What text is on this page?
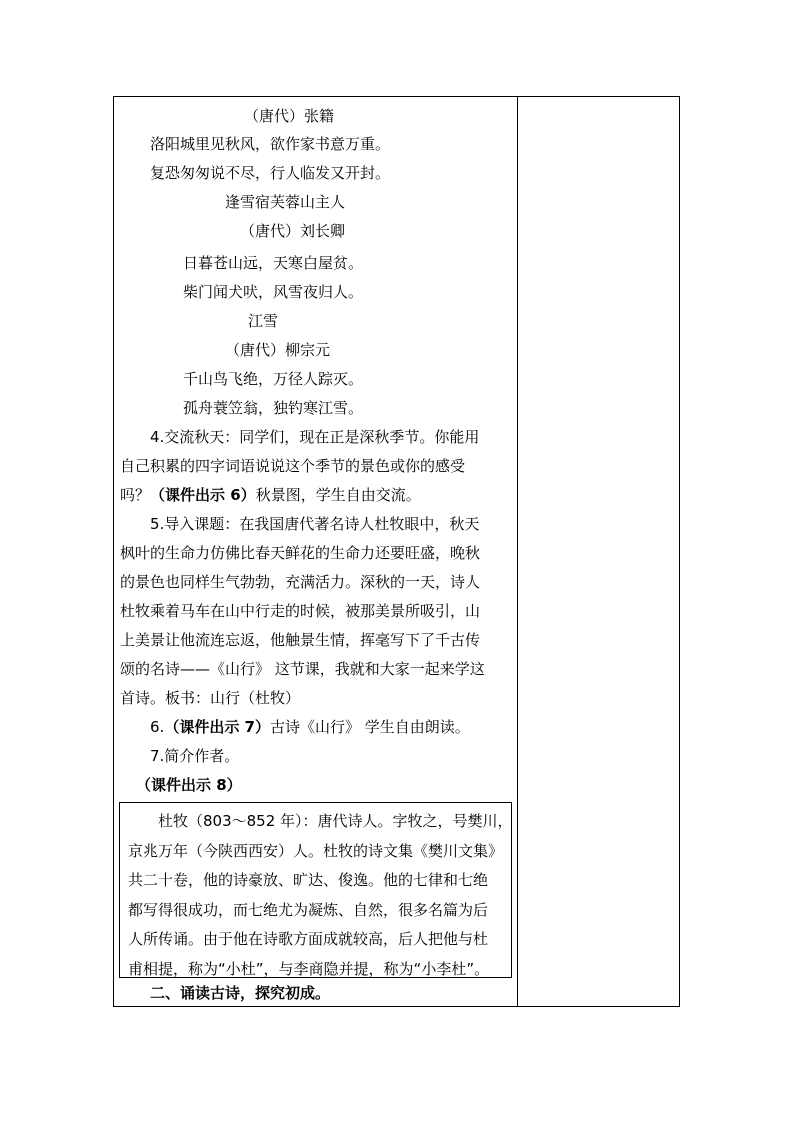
（唐代）张籍
洛阳城里见秋风，欲作家书意万重。
复恐匆匆说不尽，行人临发又开封。
逢雪宿芙蓉山主人
（唐代）刘长卿
日暮苍山远，天寒白屋贫。
柴门闻犬吠，风雪夜归人。
江雪
（唐代）柳宗元
千山鸟飞绝，万径人踪灭。
孤舟蓑笠翁，独钓寒江雪。
4.交流秋天：同学们，现在正是深秋季节。你能用
自己积累的四字词语说说这个季节的景色或你的感受
吗？（课件出示 6）秋景图，学生自由交流。
5.导入课题：在我国唐代著名诗人杜牧眼中，秋天
枫叶的生命力仿佛比春天鲜花的生命力还要旺盛，晚秋
的景色也同样生气勃勃，充满活力。深秋的一天，诗人
杜牧乘着马车在山中行走的时候，被那美景所吸引，山
上美景让他流连忘返，他触景生情，挥毫写下了千古传
颂的名诗——《山行》 这节课，我就和大家一起来学这
首诗。板书：山行（杜牧）
6.（课件出示 7）古诗《山行》 学生自由朗读。
7.简介作者。
（课件出示 8）
杜牧（803～852 年）：唐代诗人。字牧之，号樊川，
京兆万年（今陕西西安）人。杜牧的诗文集《樊川文集》
共二十卷，他的诗豪放、旷达、俊逸。他的七律和七绝
都写得很成功，而七绝尤为凝炼、自然，很多名篇为后
人所传诵。由于他在诗歌方面成就较高，后人把他与杜
甫相提，称为“小杜”，与李商隐并提，称为“小李杜”。
二、诵读古诗，探究初成。
